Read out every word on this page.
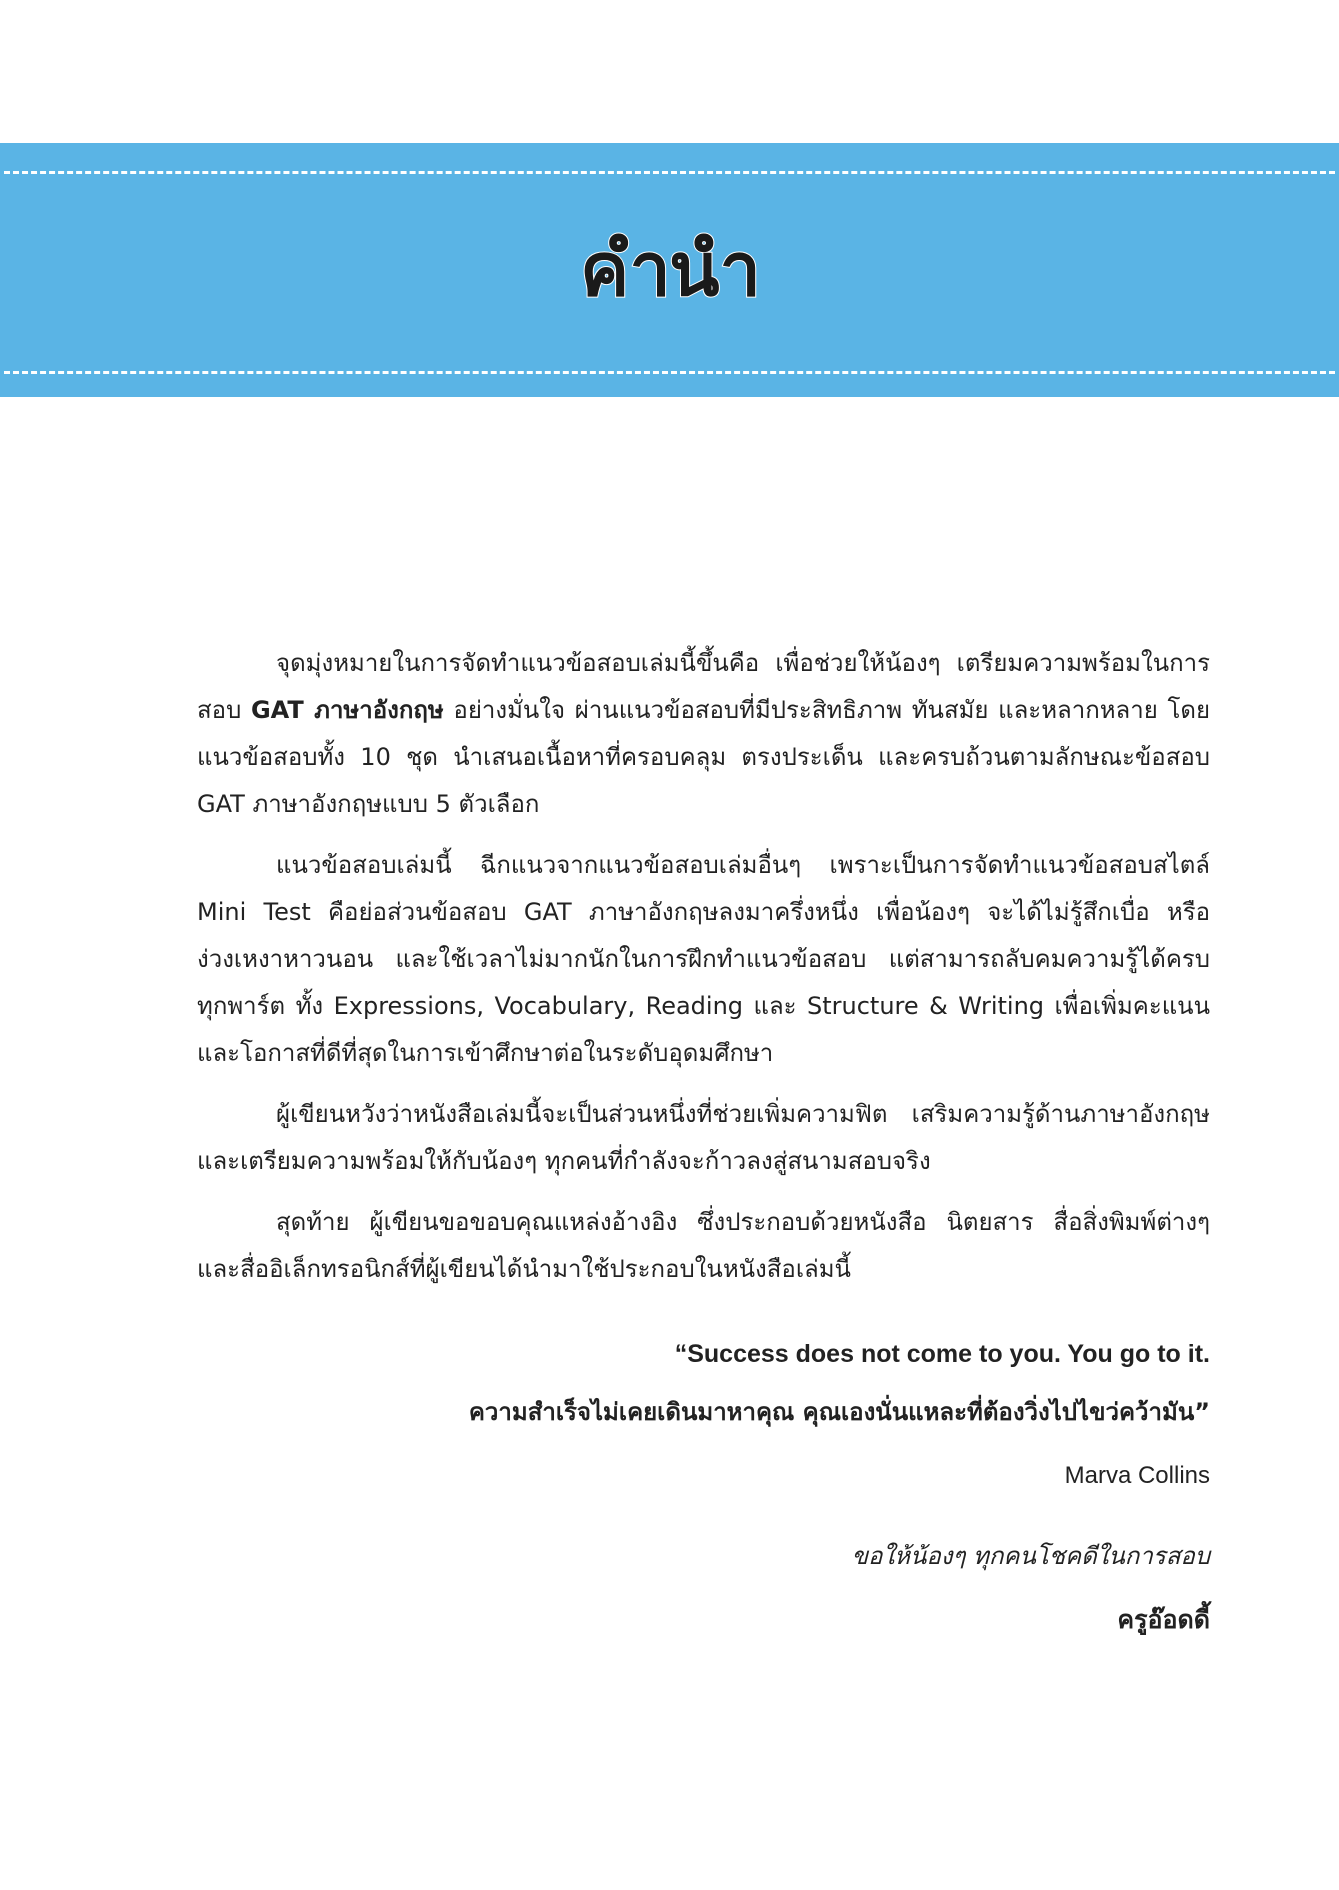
คำนำ

จุดมุ่งหมายในการจัดทำแนวข้อสอบเล่มนี้ขึ้นคือ เพื่อช่วยให้น้องๆ เตรียมความพร้อมในการสอบ GAT ภาษาอังกฤษ อย่างมั่นใจ ผ่านแนวข้อสอบที่มีประสิทธิภาพ ทันสมัย และหลากหลาย โดยแนวข้อสอบทั้ง 10 ชุด นำเสนอเนื้อหาที่ครอบคลุม ตรงประเด็น และครบถ้วนตามลักษณะข้อสอบ GAT ภาษาอังกฤษแบบ 5 ตัวเลือก

แนวข้อสอบเล่มนี้ ฉีกแนวจากแนวข้อสอบเล่มอื่นๆ เพราะเป็นการจัดทำแนวข้อสอบสไตล์ Mini Test คือย่อส่วนข้อสอบ GAT ภาษาอังกฤษลงมาครึ่งหนึ่ง เพื่อน้องๆ จะได้ไม่รู้สึกเบื่อ หรือง่วงเหงาหาวนอน และใช้เวลาไม่มากนักในการฝึกทำแนวข้อสอบ แต่สามารถลับคมความรู้ได้ครบทุกพาร์ต ทั้ง Expressions, Vocabulary, Reading และ Structure & Writing เพื่อเพิ่มคะแนนและโอกาสที่ดีที่สุดในการเข้าศึกษาต่อในระดับอุดมศึกษา

ผู้เขียนหวังว่าหนังสือเล่มนี้จะเป็นส่วนหนึ่งที่ช่วยเพิ่มความฟิต เสริมความรู้ด้านภาษาอังกฤษ และเตรียมความพร้อมให้กับน้องๆ ทุกคนที่กำลังจะก้าวลงสู่สนามสอบจริง

สุดท้าย ผู้เขียนขอขอบคุณแหล่งอ้างอิง ซึ่งประกอบด้วยหนังสือ นิตยสาร สื่อสิ่งพิมพ์ต่างๆ และสื่ออิเล็กทรอนิกส์ที่ผู้เขียนได้นำมาใช้ประกอบในหนังสือเล่มนี้

“Success does not come to you. You go to it.
ความสำเร็จไม่เคยเดินมาหาคุณ คุณเองนั่นแหละที่ต้องวิ่งไปไขว่คว้ามัน”
Marva Collins
ขอให้น้องๆ ทุกคนโชคดีในการสอบ
ครูอ๊อดดี้
